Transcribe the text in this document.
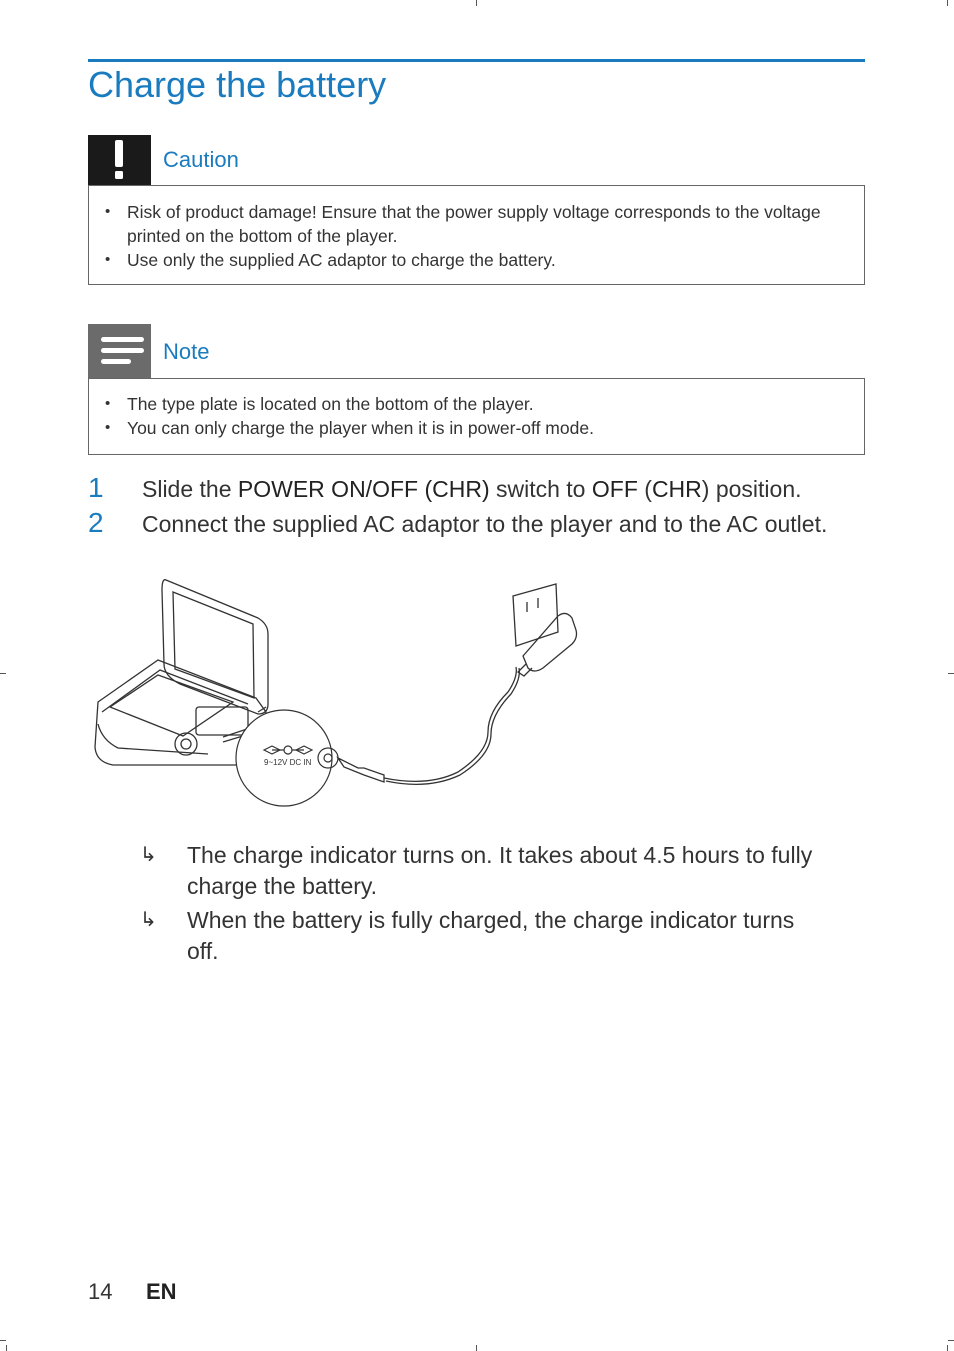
Charge the battery
Caution
• Risk of product damage! Ensure that the power supply voltage corresponds to the voltage printed on the bottom of the player.
• Use only the supplied AC adaptor to charge the battery.
Note
• The type plate is located on the bottom of the player.
• You can only charge the player when it is in power-off mode.
1 Slide the POWER ON/OFF (CHR) switch to OFF (CHR) position.
2 Connect the supplied AC adaptor to the player and to the AC outlet.
9~12V DC IN
↳ The charge indicator turns on. It takes about 4.5 hours to fully charge the battery.
↳ When the battery is fully charged, the charge indicator turns off.
14 EN
